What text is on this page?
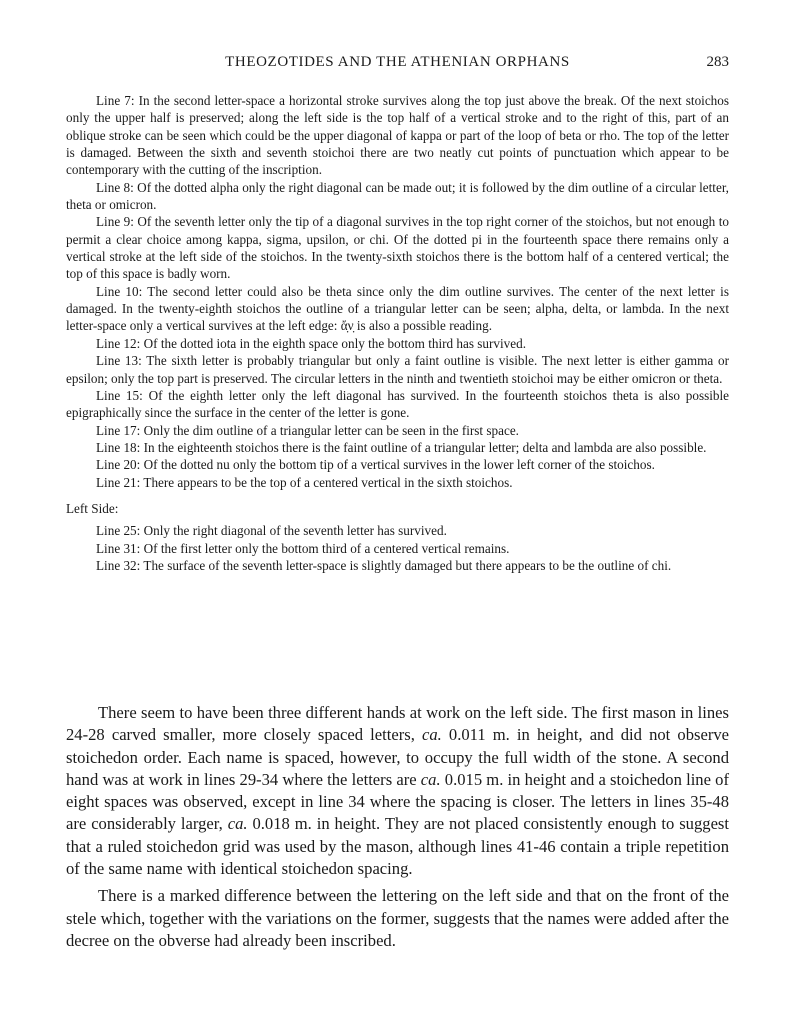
THEOZOTIDES AND THE ATHENIAN ORPHANS	283

Line 7: In the second letter-space a horizontal stroke survives along the top just above the break. Of the next stoichos only the upper half is preserved; along the left side is the top half of a vertical stroke and to the right of this, part of an oblique stroke can be seen which could be the upper diagonal of kappa or part of the loop of beta or rho. The top of the letter is damaged. Between the sixth and seventh stoichoi there are two neatly cut points of punctuation which appear to be contemporary with the cutting of the inscription.

Line 8: Of the dotted alpha only the right diagonal can be made out; it is followed by the dim outline of a circular letter, theta or omicron.

Line 9: Of the seventh letter only the tip of a diagonal survives in the top right corner of the stoichos, but not enough to permit a clear choice among kappa, sigma, upsilon, or chi. Of the dotted pi in the fourteenth space there remains only a vertical stroke at the left side of the stoichos. In the twenty-sixth stoichos there is the bottom half of a centered vertical; the top of this space is badly worn.

Line 10: The second letter could also be theta since only the dim outline survives. The center of the next letter is damaged. In the twenty-eighth stoichos the outline of a triangular letter can be seen; alpha, delta, or lambda. In the next letter-space only a vertical survives at the left edge: ἄ̣ν̣ is also a possible reading.

Line 12: Of the dotted iota in the eighth space only the bottom third has survived.

Line 13: The sixth letter is probably triangular but only a faint outline is visible. The next letter is either gamma or epsilon; only the top part is preserved. The circular letters in the ninth and twentieth stoichoi may be either omicron or theta.

Line 15: Of the eighth letter only the left diagonal has survived. In the fourteenth stoichos theta is also possible epigraphically since the surface in the center of the letter is gone.

Line 17: Only the dim outline of a triangular letter can be seen in the first space.

Line 18: In the eighteenth stoichos there is the faint outline of a triangular letter; delta and lambda are also possible.

Line 20: Of the dotted nu only the bottom tip of a vertical survives in the lower left corner of the stoichos.

Line 21: There appears to be the top of a centered vertical in the sixth stoichos.

Left Side:

Line 25: Only the right diagonal of the seventh letter has survived.

Line 31: Of the first letter only the bottom third of a centered vertical remains.

Line 32: The surface of the seventh letter-space is slightly damaged but there appears to be the outline of chi.

There seem to have been three different hands at work on the left side. The first mason in lines 24-28 carved smaller, more closely spaced letters, ca. 0.011 m. in height, and did not observe stoichedon order. Each name is spaced, however, to occupy the full width of the stone. A second hand was at work in lines 29-34 where the letters are ca. 0.015 m. in height and a stoichedon line of eight spaces was observed, except in line 34 where the spacing is closer. The letters in lines 35-48 are considerably larger, ca. 0.018 m. in height. They are not placed consistently enough to suggest that a ruled stoichedon grid was used by the mason, although lines 41-46 contain a triple repetition of the same name with identical stoichedon spacing.

There is a marked difference between the lettering on the left side and that on the front of the stele which, together with the variations on the former, suggests that the names were added after the decree on the obverse had already been inscribed.
